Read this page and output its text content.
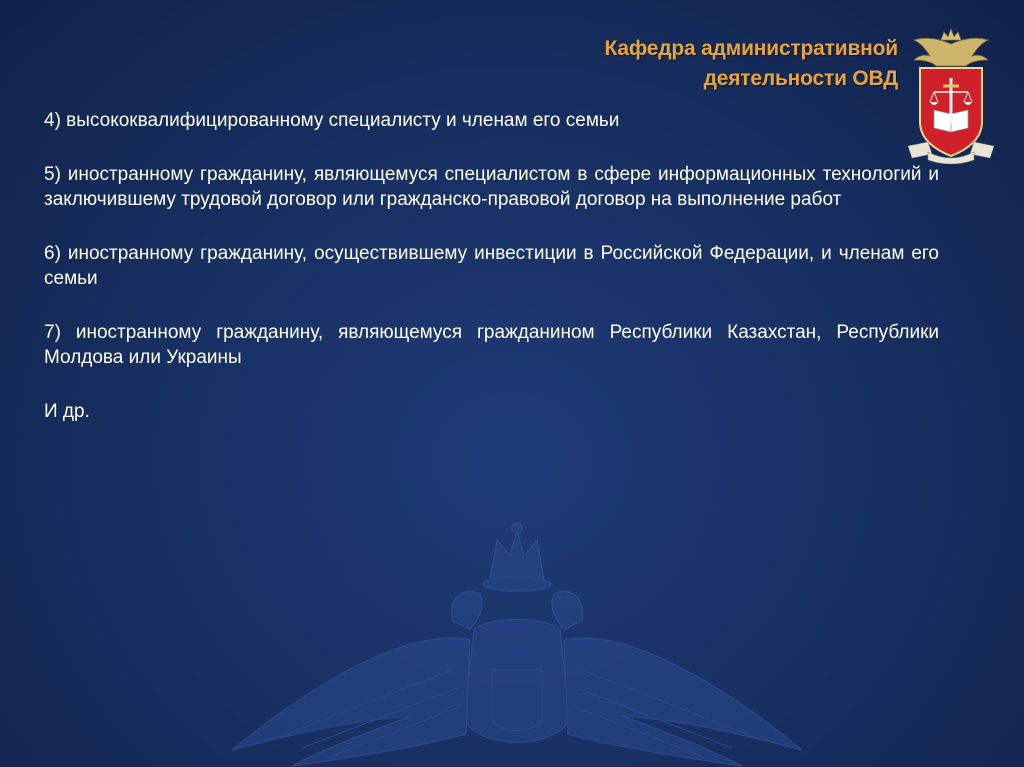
Кафедра административной
деятельности ОВД

4) высококвалифицированному специалисту и членам его семьи

5) иностранному гражданину, являющемуся специалистом в сфере информационных технологий и заключившему трудовой договор или гражданско-правовой договор на выполнение работ

6) иностранному гражданину, осуществившему инвестиции в Российской Федерации, и членам его семьи

7) иностранному гражданину, являющемуся гражданином Республики Казахстан, Республики Молдова или Украины

И др.
